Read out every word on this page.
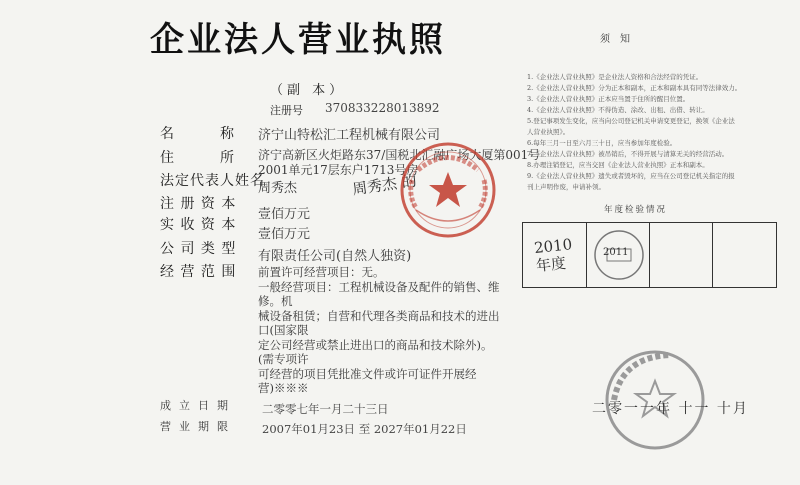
企业法人营业执照
（副 本）
注册号 370833228013892
名　　　称
住　　　所
法定代表人姓名
注 册 资 本
实 收 资 本
公 司 类 型
经 营 范 围
济宁山特松汇工程机械有限公司
济宁高新区火炬路东37/国税北汇融广场大厦第001号2001单元17层东户1713号房
周秀杰
壹佰万元
壹佰万元
有限责任公司(自然人独资)
前置许可经营项目：无。
一般经营项目：工程机械设备及配件的销售、维修。机
械设备租赁；自营和代理各类商品和技术的进出口(国家限
定公司经营或禁止进出口的商品和技术除外)。(需专项许
可经营的项目凭批准文件或许可证件开展经营)※※※
周秀杰 的
成立日期 二零零七年一月二十三日
营业期限 2007年01月23日 至 2027年01月22日
须知
1.《企业法人营业执照》是企业法人资格和合法经营的凭证。
2.《企业法人营业执照》分为正本和副本，正本和副本具有同等法律效力。
3.《企业法人营业执照》正本应当置于住所的醒目位置。
4.《企业法人营业执照》不得伪造、涂改、出租、出借、转让。
5.登记事项发生变化，应当向公司登记机关申请变更登记，换领《企业法
人营业执照》。
6.每年三月一日至六月三十日，应当参加年度检验。
7.《企业法人营业执照》被吊销后，不得开展与清算无关的经营活动。
8.办理注销登记，应当交回《企业法人营业执照》正本和副本。
9.《企业法人营业执照》遗失或者毁坏的，应当在公司登记机关指定的报
刊上声明作废，申请补领。
年度检验情况
2010年度
2011
二零一一年 十一 十月
